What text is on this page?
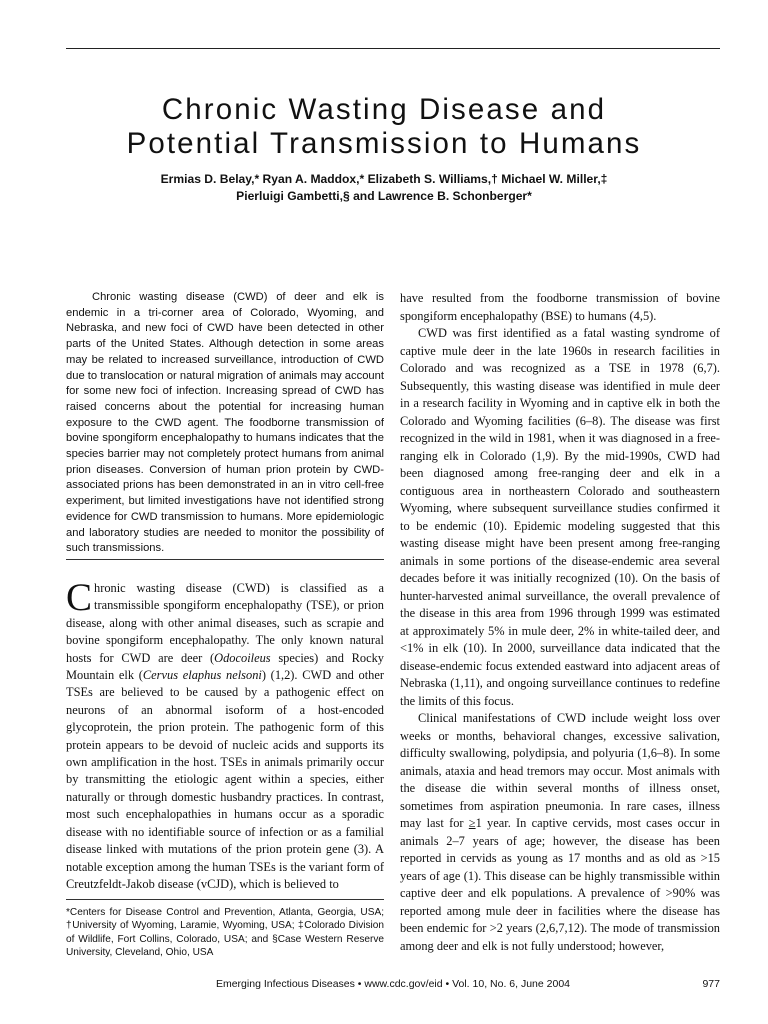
Chronic Wasting Disease and
Potential Transmission to Humans
Ermias D. Belay,* Ryan A. Maddox,* Elizabeth S. Williams,† Michael W. Miller,‡
Pierluigi Gambetti,§ and Lawrence B. Schonberger*

Chronic wasting disease (CWD) of deer and elk is endemic in a tri-corner area of Colorado, Wyoming, and Nebraska, and new foci of CWD have been detected in other parts of the United States. Although detection in some areas may be related to increased surveillance, introduction of CWD due to translocation or natural migration of animals may account for some new foci of infection. Increasing spread of CWD has raised concerns about the potential for increasing human exposure to the CWD agent. The foodborne transmission of bovine spongiform encephalopathy to humans indicates that the species barrier may not completely protect humans from animal prion diseases. Conversion of human prion protein by CWD-associated prions has been demonstrated in an in vitro cell-free experiment, but limited investigations have not identified strong evidence for CWD transmission to humans. More epidemiologic and laboratory studies are needed to monitor the possibility of such transmissions.

Chronic wasting disease (CWD) is classified as a transmissible spongiform encephalopathy (TSE), or prion disease, along with other animal diseases, such as scrapie and bovine spongiform encephalopathy. The only known natural hosts for CWD are deer (Odocoileus species) and Rocky Mountain elk (Cervus elaphus nelsoni) (1,2). CWD and other TSEs are believed to be caused by a pathogenic effect on neurons of an abnormal isoform of a host-encoded glycoprotein, the prion protein. The pathogenic form of this protein appears to be devoid of nucleic acids and supports its own amplification in the host. TSEs in animals primarily occur by transmitting the etiologic agent within a species, either naturally or through domestic husbandry practices. In contrast, most such encephalopathies in humans occur as a sporadic disease with no identifiable source of infection or as a familial disease linked with mutations of the prion protein gene (3). A notable exception among the human TSEs is the variant form of Creutzfeldt-Jakob disease (vCJD), which is believed to

*Centers for Disease Control and Prevention, Atlanta, Georgia, USA; †University of Wyoming, Laramie, Wyoming, USA; ‡Colorado Division of Wildlife, Fort Collins, Colorado, USA; and §Case Western Reserve University, Cleveland, Ohio, USA

have resulted from the foodborne transmission of bovine spongiform encephalopathy (BSE) to humans (4,5).

CWD was first identified as a fatal wasting syndrome of captive mule deer in the late 1960s in research facilities in Colorado and was recognized as a TSE in 1978 (6,7). Subsequently, this wasting disease was identified in mule deer in a research facility in Wyoming and in captive elk in both the Colorado and Wyoming facilities (6–8). The disease was first recognized in the wild in 1981, when it was diagnosed in a free-ranging elk in Colorado (1,9). By the mid-1990s, CWD had been diagnosed among free-ranging deer and elk in a contiguous area in northeastern Colorado and southeastern Wyoming, where subsequent surveillance studies confirmed it to be endemic (10). Epidemic modeling suggested that this wasting disease might have been present among free-ranging animals in some portions of the disease-endemic area several decades before it was initially recognized (10). On the basis of hunter-harvested animal surveillance, the overall prevalence of the disease in this area from 1996 through 1999 was estimated at approximately 5% in mule deer, 2% in white-tailed deer, and <1% in elk (10). In 2000, surveillance data indicated that the disease-endemic focus extended eastward into adjacent areas of Nebraska (1,11), and ongoing surveillance continues to redefine the limits of this focus.

Clinical manifestations of CWD include weight loss over weeks or months, behavioral changes, excessive salivation, difficulty swallowing, polydipsia, and polyuria (1,6–8). In some animals, ataxia and head tremors may occur. Most animals with the disease die within several months of illness onset, sometimes from aspiration pneumonia. In rare cases, illness may last for ≥1 year. In captive cervids, most cases occur in animals 2–7 years of age; however, the disease has been reported in cervids as young as 17 months and as old as >15 years of age (1). This disease can be highly transmissible within captive deer and elk populations. A prevalence of >90% was reported among mule deer in facilities where the disease has been endemic for >2 years (2,6,7,12). The mode of transmission among deer and elk is not fully understood; however,

Emerging Infectious Diseases • www.cdc.gov/eid • Vol. 10, No. 6, June 2004	977
